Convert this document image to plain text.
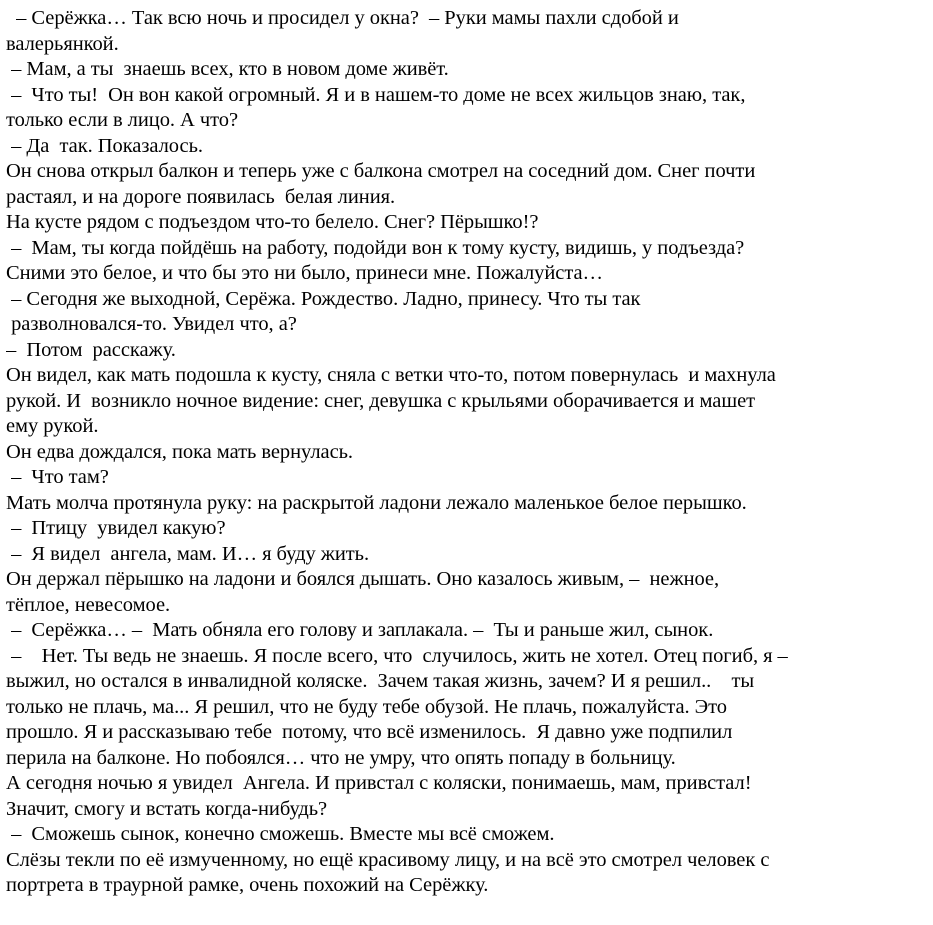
– Серёжка… Так всю ночь и просидел у окна?  – Руки мамы пахли сдобой и
валерьянкой.
– Мам, а ты  знаешь всех, кто в новом доме живёт.
–  Что ты!  Он вон какой огромный. Я и в нашем-то доме не всех жильцов знаю, так,
только если в лицо. А что?
– Да  так. Показалось.
Он снова открыл балкон и теперь уже с балкона смотрел на соседний дом. Снег почти
растаял, и на дороге появилась  белая линия.
На кусте рядом с подъездом что-то белело. Снег? Пёрышко!?
–  Мам, ты когда пойдёшь на работу, подойди вон к тому кусту, видишь, у подъезда?
Сними это белое, и что бы это ни было, принеси мне. Пожалуйста…
– Сегодня же выходной, Серёжа. Рождество. Ладно, принесу. Что ты так
разволновался-то. Увидел что, а?
–  Потом  расскажу.
Он видел, как мать подошла к кусту, сняла с ветки что-то, потом повернулась  и махнула
рукой. И  возникло ночное видение: снег, девушка с крыльями оборачивается и машет
ему рукой.
Он едва дождался, пока мать вернулась.
–  Что там?
Мать молча протянула руку: на раскрытой ладони лежало маленькое белое перышко.
–  Птицу  увидел какую?
–  Я видел  ангела, мам. И… я буду жить.
Он держал пёрышко на ладони и боялся дышать. Оно казалось живым, –  нежное,
тёплое, невесомое.
–  Серёжка… –  Мать обняла его голову и заплакала. –  Ты и раньше жил, сынок.
–    Нет. Ты ведь не знаешь. Я после всего, что  случилось, жить не хотел. Отец погиб, я –
выжил, но остался в инвалидной коляске.  Зачем такая жизнь, зачем? И я решил..    ты
только не плачь, ма... Я решил, что не буду тебе обузой. Не плачь, пожалуйста. Это
прошло. Я и рассказываю тебе  потому, что всё изменилось.  Я давно уже подпилил
перила на балконе. Но побоялся… что не умру, что опять попаду в больницу.
А сегодня ночью я увидел  Ангела. И привстал с коляски, понимаешь, мам, привстал!
Значит, смогу и встать когда-нибудь?
–  Сможешь сынок, конечно сможешь. Вместе мы всё сможем.
Слёзы текли по её измученному, но ещё красивому лицу, и на всё это смотрел человек с
портрета в траурной рамке, очень похожий на Серёжку.
